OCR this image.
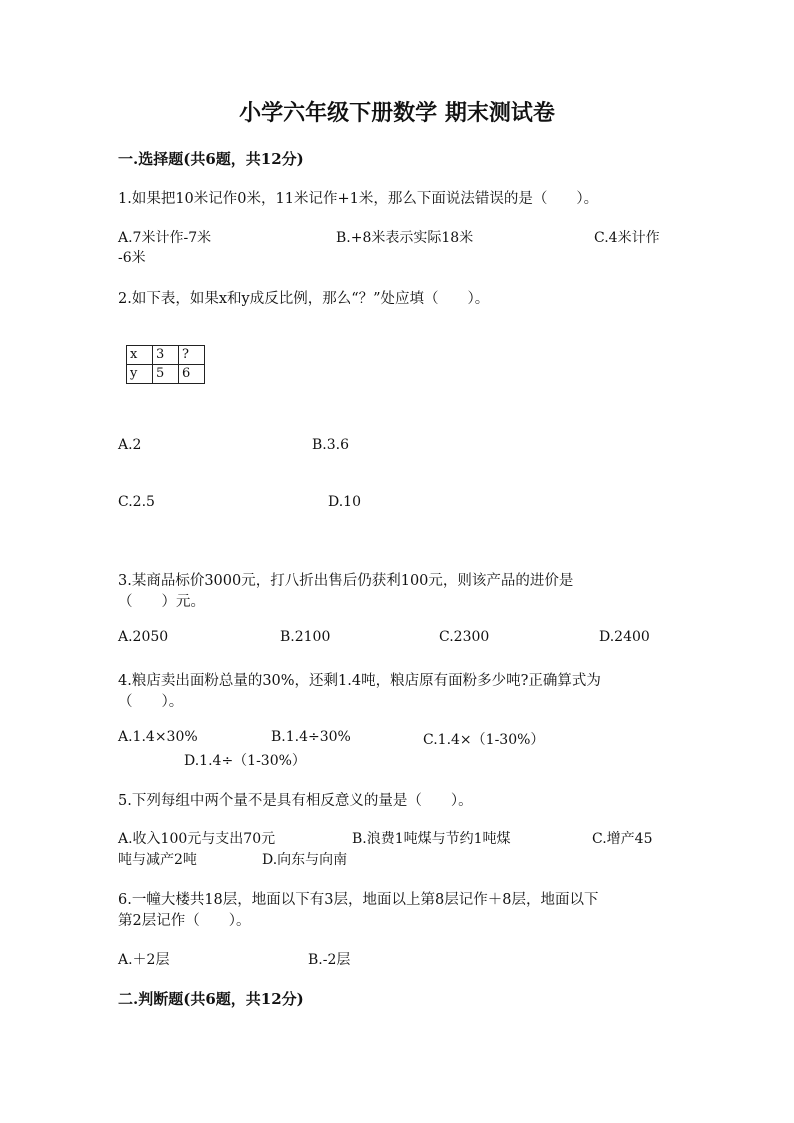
小学六年级下册数学 期末测试卷
一.选择题(共6题，共12分)
1.如果把10米记作0米，11米记作+1米，那么下面说法错误的是（　　）。
A.7米计作-7米	B.+8米表示实际18米	C.4米计作
-6米
2.如下表，如果x和y成反比例，那么“？”处应填（　　）。
x	3	?
y	5	6
A.2	B.3.6
C.2.5	D.10
3.某商品标价3000元，打八折出售后仍获利100元，则该产品的进价是
（　　）元。
A.2050	B.2100	C.2300	D.2400
4.粮店卖出面粉总量的30%，还剩1.4吨，粮店原有面粉多少吨?正确算式为
（　　）。
A.1.4×30%	B.1.4÷30%	C.1.4×（1-30%）
D.1.4÷（1-30%）
5.下列每组中两个量不是具有相反意义的量是（　　）。
A.收入100元与支出70元	B.浪费1吨煤与节约1吨煤	C.增产45
吨与减产2吨	D.向东与向南
6.一幢大楼共18层，地面以下有3层，地面以上第8层记作＋8层，地面以下
第2层记作（　　）。
A.＋2层	B.-2层
二.判断题(共6题，共12分)
